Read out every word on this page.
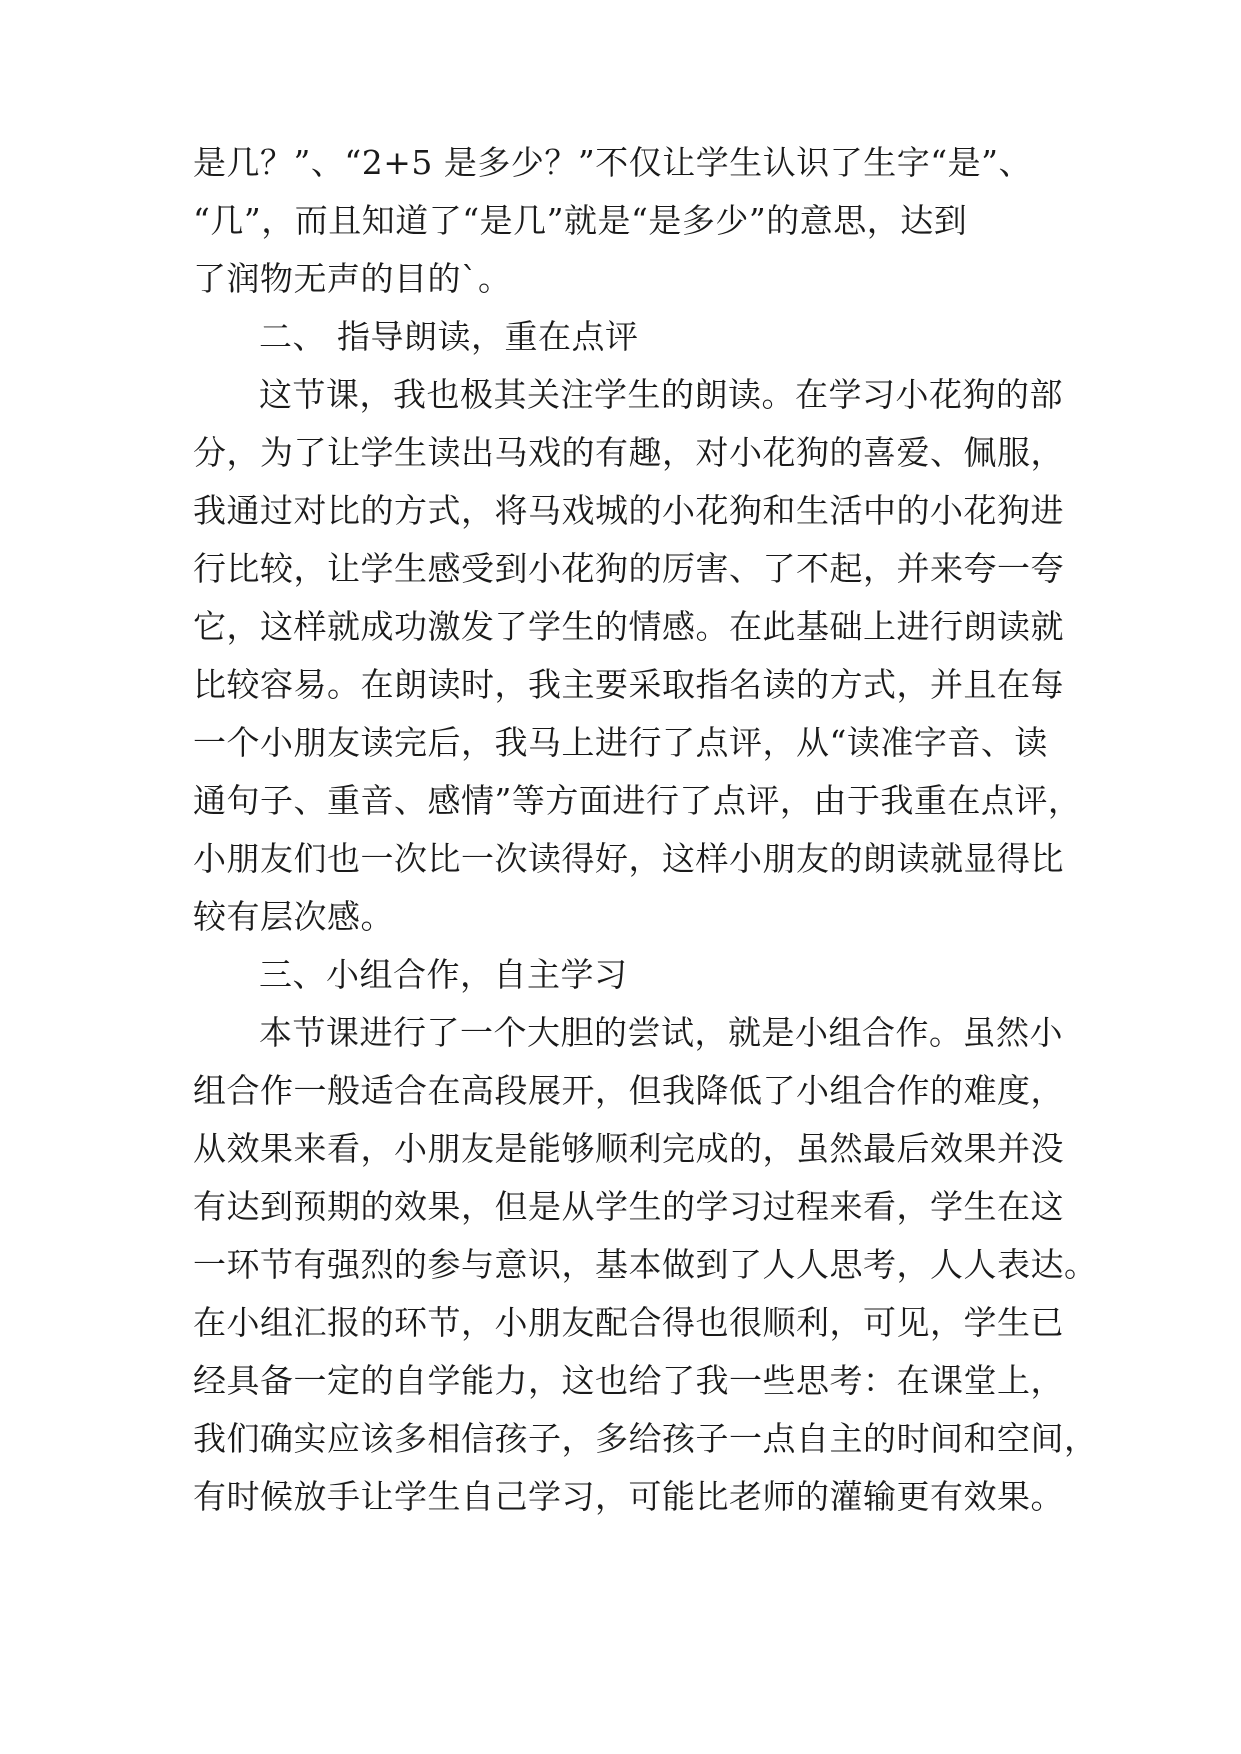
是几？”、“2+5 是多少？”不仅让学生认识了生字“是”、
“几”，而且知道了“是几”就是“是多少”的意思，达到
了润物无声的目的`。

二、 指导朗读，重在点评

这节课，我也极其关注学生的朗读。在学习小花狗的部
分，为了让学生读出马戏的有趣，对小花狗的喜爱、佩服，
我通过对比的方式，将马戏城的小花狗和生活中的小花狗进
行比较，让学生感受到小花狗的厉害、了不起，并来夸一夸
它，这样就成功激发了学生的情感。在此基础上进行朗读就
比较容易。在朗读时，我主要采取指名读的方式，并且在每
一个小朋友读完后，我马上进行了点评，从“读准字音、读
通句子、重音、感情”等方面进行了点评，由于我重在点评，
小朋友们也一次比一次读得好，这样小朋友的朗读就显得比
较有层次感。

三、小组合作，自主学习

本节课进行了一个大胆的尝试，就是小组合作。虽然小
组合作一般适合在高段展开，但我降低了小组合作的难度，
从效果来看，小朋友是能够顺利完成的，虽然最后效果并没
有达到预期的效果，但是从学生的学习过程来看，学生在这
一环节有强烈的参与意识，基本做到了人人思考，人人表达。
在小组汇报的环节，小朋友配合得也很顺利，可见，学生已
经具备一定的自学能力，这也给了我一些思考：在课堂上，
我们确实应该多相信孩子，多给孩子一点自主的时间和空间，
有时候放手让学生自己学习，可能比老师的灌输更有效果。
